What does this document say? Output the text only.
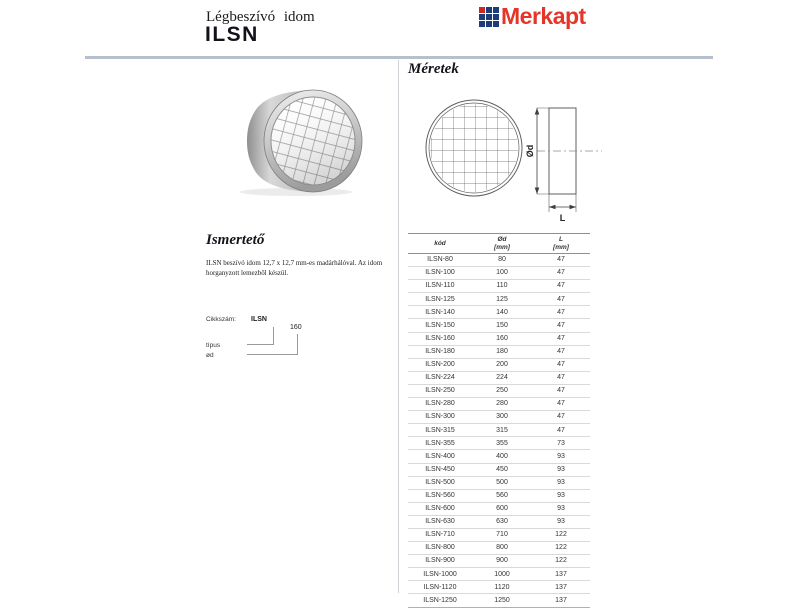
Légbeszívó idom
ILSN
Merkapt
Ismertető
ILSN beszívó idom 12,7 x 12,7 mm-es madárhálóval. Az idom horganyzott lemezből készül.
Cikkszám: ILSN
160
típus
ød
Méretek
Ød
L
kód

Ød
[mm]

L
[mm]

ILSN-80	80	47
ILSN-100	100	47
ILSN-110	110	47
ILSN-125	125	47
ILSN-140	140	47
ILSN-150	150	47
ILSN-160	160	47
ILSN-180	180	47
ILSN-200	200	47
ILSN-224	224	47
ILSN-250	250	47
ILSN-280	280	47
ILSN-300	300	47
ILSN-315	315	47
ILSN-355	355	73
ILSN-400	400	93
ILSN-450	450	93
ILSN-500	500	93
ILSN-560	560	93
ILSN-600	600	93
ILSN-630	630	93
ILSN-710	710	122
ILSN-800	800	122
ILSN-900	900	122
ILSN-1000	1000	137
ILSN-1120	1120	137
ILSN-1250	1250	137
